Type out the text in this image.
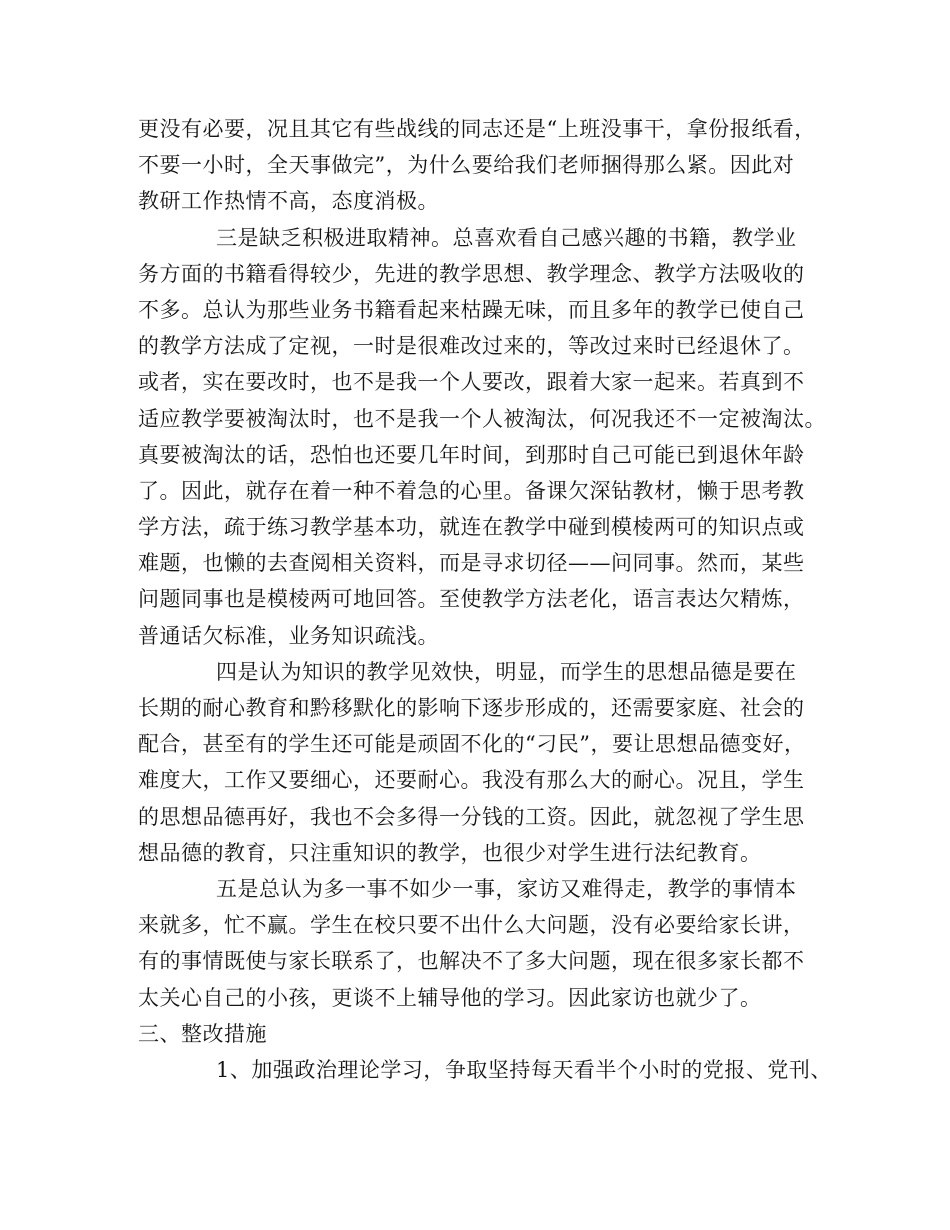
更没有必要，况且其它有些战线的同志还是“上班没事干，拿份报纸看，
不要一小时，全天事做完”，为什么要给我们老师捆得那么紧。因此对
教研工作热情不高，态度消极。
三是缺乏积极进取精神。总喜欢看自己感兴趣的书籍，教学业
务方面的书籍看得较少，先进的教学思想、教学理念、教学方法吸收的
不多。总认为那些业务书籍看起来枯躁无味，而且多年的教学已使自己
的教学方法成了定视，一时是很难改过来的，等改过来时已经退休了。
或者，实在要改时，也不是我一个人要改，跟着大家一起来。若真到不
适应教学要被淘汰时，也不是我一个人被淘汰，何况我还不一定被淘汰。
真要被淘汰的话，恐怕也还要几年时间，到那时自己可能已到退休年龄
了。因此，就存在着一种不着急的心里。备课欠深钻教材，懒于思考教
学方法，疏于练习教学基本功，就连在教学中碰到模棱两可的知识点或
难题，也懒的去查阅相关资料，而是寻求切径——问同事。然而，某些
问题同事也是模棱两可地回答。至使教学方法老化，语言表达欠精炼，
普通话欠标准，业务知识疏浅。
四是认为知识的教学见效快，明显，而学生的思想品德是要在
长期的耐心教育和黔移默化的影响下逐步形成的，还需要家庭、社会的
配合，甚至有的学生还可能是顽固不化的“刁民”，要让思想品德变好，
难度大，工作又要细心，还要耐心。我没有那么大的耐心。况且，学生
的思想品德再好，我也不会多得一分钱的工资。因此，就忽视了学生思
想品德的教育，只注重知识的教学，也很少对学生进行法纪教育。
五是总认为多一事不如少一事，家访又难得走，教学的事情本
来就多，忙不赢。学生在校只要不出什么大问题，没有必要给家长讲，
有的事情既使与家长联系了，也解决不了多大问题，现在很多家长都不
太关心自己的小孩，更谈不上辅导他的学习。因此家访也就少了。
三、整改措施
1、加强政治理论学习，争取坚持每天看半个小时的党报、党刊、
